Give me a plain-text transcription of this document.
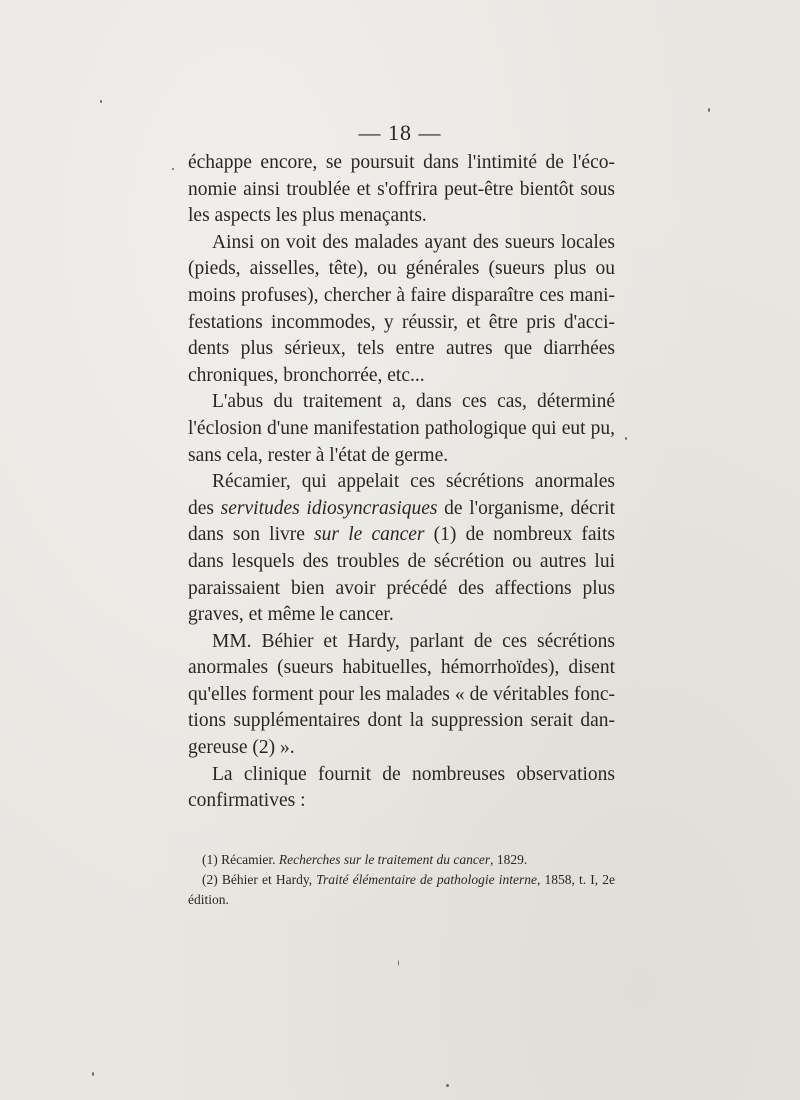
— 18 —

échappe encore, se poursuit dans l'intimité de l'économie ainsi troublée et s'offrira peut-être bientôt sous les aspects les plus menaçants.

Ainsi on voit des malades ayant des sueurs locales (pieds, aisselles, tête), ou générales (sueurs plus ou moins profuses), chercher à faire disparaître ces manifestations incommodes, y réussir, et être pris d'accidents plus sérieux, tels entre autres que diarrhées chroniques, bronchorrée, etc...

L'abus du traitement a, dans ces cas, déterminé l'éclosion d'une manifestation pathologique qui eut pu, sans cela, rester à l'état de germe.

Récamier, qui appelait ces sécrétions anormales des servitudes idiosyncrasiques de l'organisme, décrit dans son livre sur le cancer (1) de nombreux faits dans lesquels des troubles de sécrétion ou autres lui paraissaient bien avoir précédé des affections plus graves, et même le cancer.

MM. Béhier et Hardy, parlant de ces sécrétions anormales (sueurs habituelles, hémorrhoïdes), disent qu'elles forment pour les malades « de véritables fonctions supplémentaires dont la suppression serait dangereuse (2) ».

La clinique fournit de nombreuses observations confirmatives :

(1) Récamier. Recherches sur le traitement du cancer, 1829.

(2) Béhier et Hardy, Traité élémentaire de pathologie interne, 1858, t. I, 2e édition.
